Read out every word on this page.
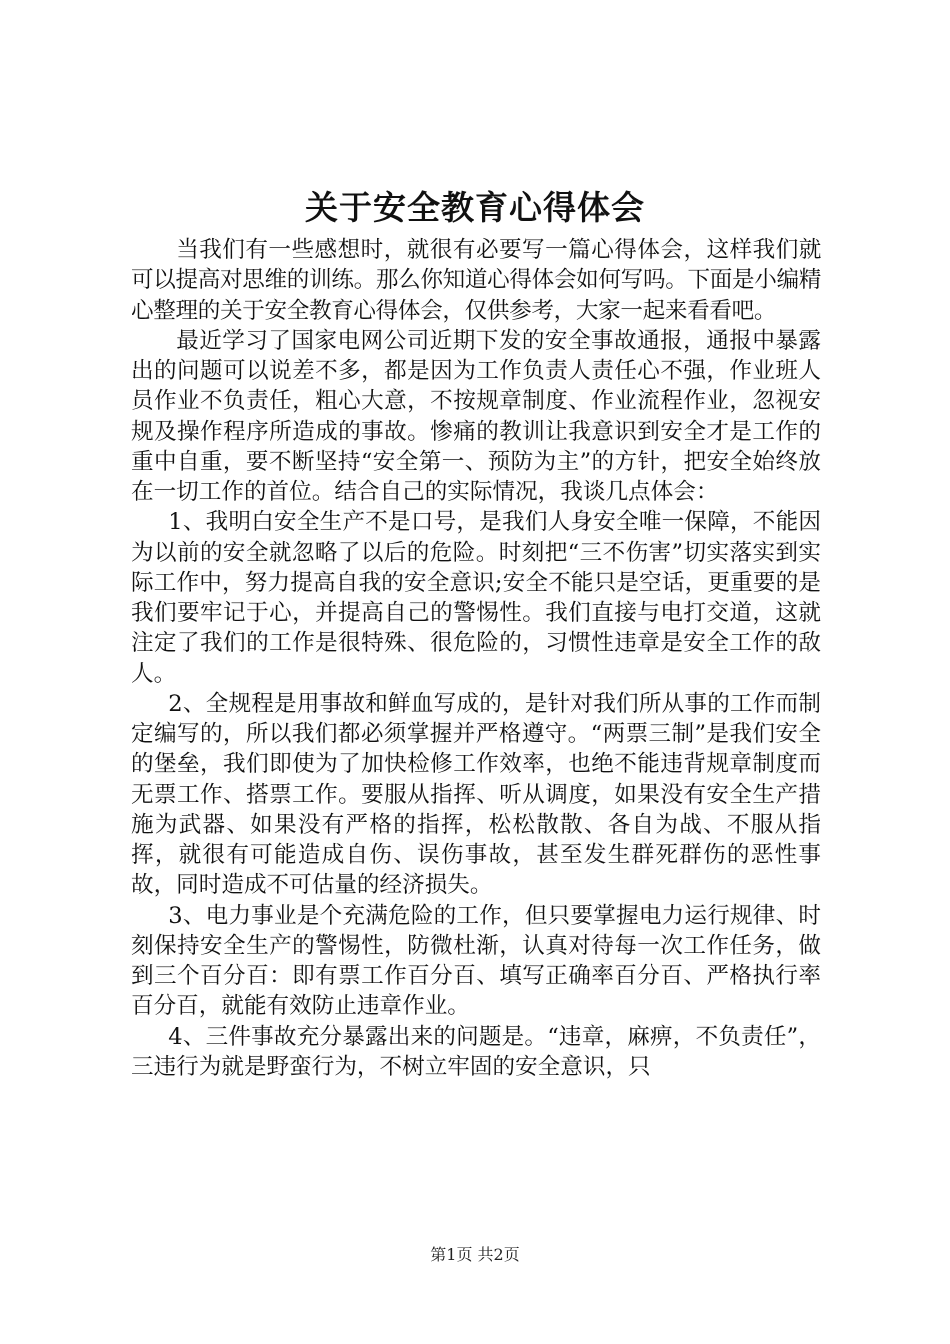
关于安全教育心得体会

当我们有一些感想时，就很有必要写一篇心得体会，这样我们就可以提高对思维的训练。那么你知道心得体会如何写吗。下面是小编精心整理的关于安全教育心得体会，仅供参考，大家一起来看看吧。

最近学习了国家电网公司近期下发的安全事故通报，通报中暴露出的问题可以说差不多，都是因为工作负责人责任心不强，作业班人员作业不负责任，粗心大意，不按规章制度、作业流程作业，忽视安规及操作程序所造成的事故。惨痛的教训让我意识到安全才是工作的重中自重，要不断坚持“安全第一、预防为主”的方针，把安全始终放在一切工作的首位。结合自己的实际情况，我谈几点体会：

1、我明白安全生产不是口号，是我们人身安全唯一保障，不能因为以前的安全就忽略了以后的危险。时刻把“三不伤害”切实落实到实际工作中，努力提高自我的安全意识;安全不能只是空话，更重要的是我们要牢记于心，并提高自己的警惕性。我们直接与电打交道，这就注定了我们的工作是很特殊、很危险的，习惯性违章是安全工作的敌人。

2、全规程是用事故和鲜血写成的，是针对我们所从事的工作而制定编写的，所以我们都必须掌握并严格遵守。“两票三制”是我们安全的堡垒，我们即使为了加快检修工作效率，也绝不能违背规章制度而无票工作、搭票工作。要服从指挥、听从调度，如果没有安全生产措施为武器、如果没有严格的指挥，松松散散、各自为战、不服从指挥，就很有可能造成自伤、误伤事故，甚至发生群死群伤的恶性事故，同时造成不可估量的经济损失。

3、电力事业是个充满危险的工作，但只要掌握电力运行规律、时刻保持安全生产的警惕性，防微杜渐，认真对待每一次工作任务，做到三个百分百：即有票工作百分百、填写正确率百分百、严格执行率百分百，就能有效防止违章作业。

4、三件事故充分暴露出来的问题是。“违章，麻痹，不负责任”，三违行为就是野蛮行为，不树立牢固的安全意识，只

第1页 共2页
